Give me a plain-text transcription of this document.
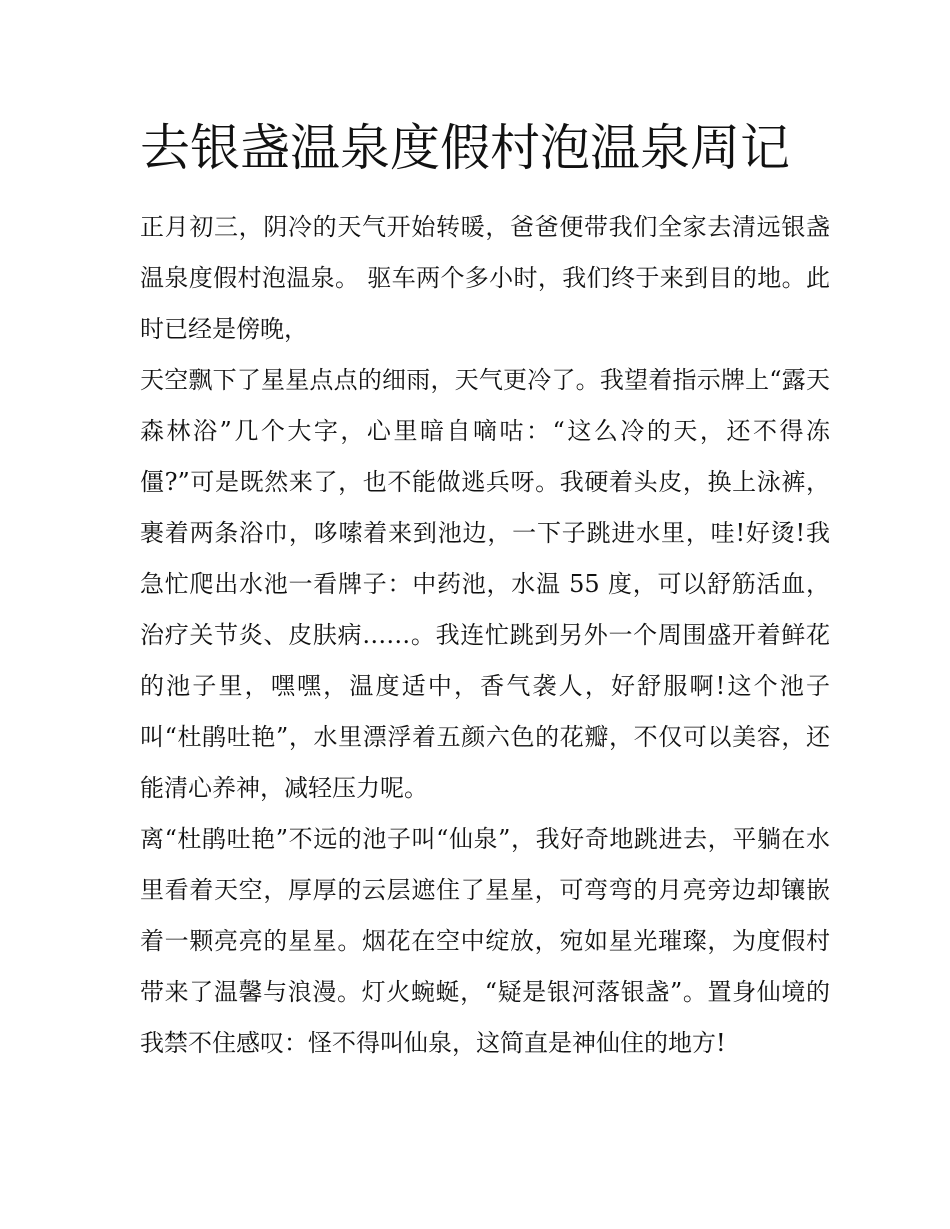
去银盏温泉度假村泡温泉周记

正月初三，阴冷的天气开始转暖，爸爸便带我们全家去清远银盏温泉度假村泡温泉。 驱车两个多小时，我们终于来到目的地。此时已经是傍晚，

天空飘下了星星点点的细雨，天气更冷了。我望着指示牌上“露天森林浴”几个大字，心里暗自嘀咕：“这么冷的天，还不得冻僵?”可是既然来了，也不能做逃兵呀。我硬着头皮，换上泳裤，裹着两条浴巾，哆嗦着来到池边，一下子跳进水里，哇!好烫!我急忙爬出水池一看牌子：中药池，水温 55 度，可以舒筋活血，治疗关节炎、皮肤病……。我连忙跳到另外一个周围盛开着鲜花的池子里，嘿嘿，温度适中，香气袭人，好舒服啊!这个池子叫“杜鹃吐艳”，水里漂浮着五颜六色的花瓣，不仅可以美容，还能清心养神，减轻压力呢。

离“杜鹃吐艳”不远的池子叫“仙泉”，我好奇地跳进去，平躺在水里看着天空，厚厚的云层遮住了星星，可弯弯的月亮旁边却镶嵌着一颗亮亮的星星。烟花在空中绽放，宛如星光璀璨，为度假村带来了温馨与浪漫。灯火蜿蜒，“疑是银河落银盏”。置身仙境的我禁不住感叹：怪不得叫仙泉，这简直是神仙住的地方!
